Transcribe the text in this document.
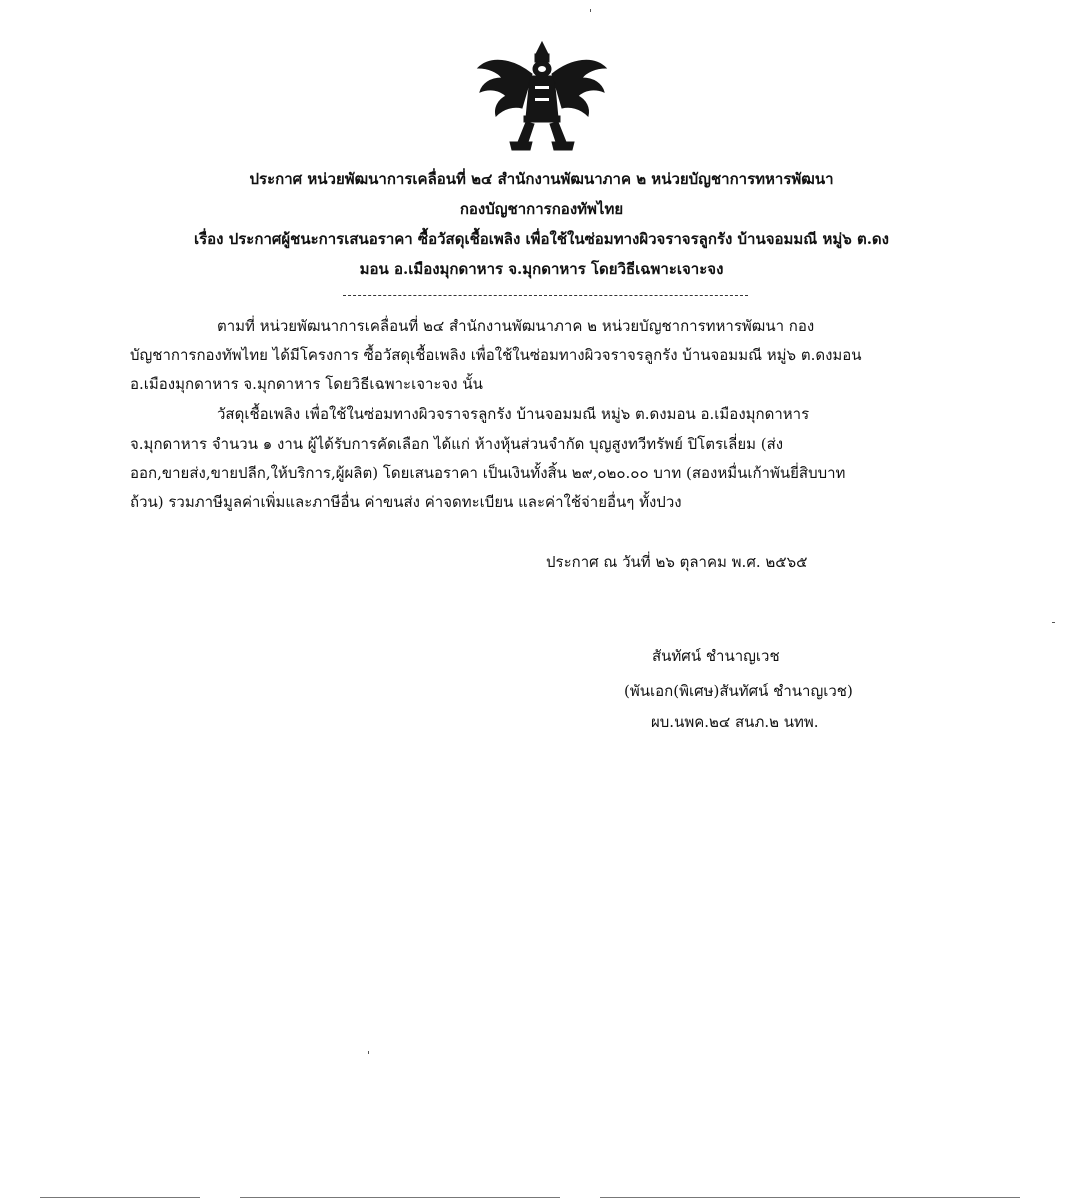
ประกาศ หน่วยพัฒนาการเคลื่อนที่ ๒๔ สำนักงานพัฒนาภาค ๒ หน่วยบัญชาการทหารพัฒนา
กองบัญชาการกองทัพไทย
เรื่อง ประกาศผู้ชนะการเสนอราคา ซื้อวัสดุเชื้อเพลิง เพื่อใช้ในซ่อมทางผิวจราจรลูกรัง บ้านจอมมณี หมู่๖ ต.ดง
มอน อ.เมืองมุกดาหาร จ.มุกดาหาร โดยวิธีเฉพาะเจาะจง
ตามที่ หน่วยพัฒนาการเคลื่อนที่ ๒๔ สำนักงานพัฒนาภาค ๒ หน่วยบัญชาการทหารพัฒนา กอง
บัญชาการกองทัพไทย ได้มีโครงการ ซื้อวัสดุเชื้อเพลิง เพื่อใช้ในซ่อมทางผิวจราจรลูกรัง บ้านจอมมณี หมู่๖ ต.ดงมอน
อ.เมืองมุกดาหาร จ.มุกดาหาร โดยวิธีเฉพาะเจาะจง นั้น
วัสดุเชื้อเพลิง เพื่อใช้ในซ่อมทางผิวจราจรลูกรัง บ้านจอมมณี หมู่๖ ต.ดงมอน อ.เมืองมุกดาหาร
จ.มุกดาหาร จำนวน ๑ งาน ผู้ได้รับการคัดเลือก ได้แก่ ห้างหุ้นส่วนจำกัด บุญสูงทวีทรัพย์ ปิโตรเลี่ยม (ส่ง
ออก,ขายส่ง,ขายปลีก,ให้บริการ,ผู้ผลิต) โดยเสนอราคา เป็นเงินทั้งสิ้น ๒๙,๐๒๐.๐๐ บาท (สองหมื่นเก้าพันยี่สิบบาท
ถ้วน) รวมภาษีมูลค่าเพิ่มและภาษีอื่น ค่าขนส่ง ค่าจดทะเบียน และค่าใช้จ่ายอื่นๆ ทั้งปวง
ประกาศ ณ วันที่ ๒๖ ตุลาคม พ.ศ. ๒๕๖๕
สันทัศน์ ชำนาญเวช
(พันเอก(พิเศษ)สันทัศน์ ชำนาญเวช)
ผบ.นพค.๒๔ สนภ.๒ นทพ.
